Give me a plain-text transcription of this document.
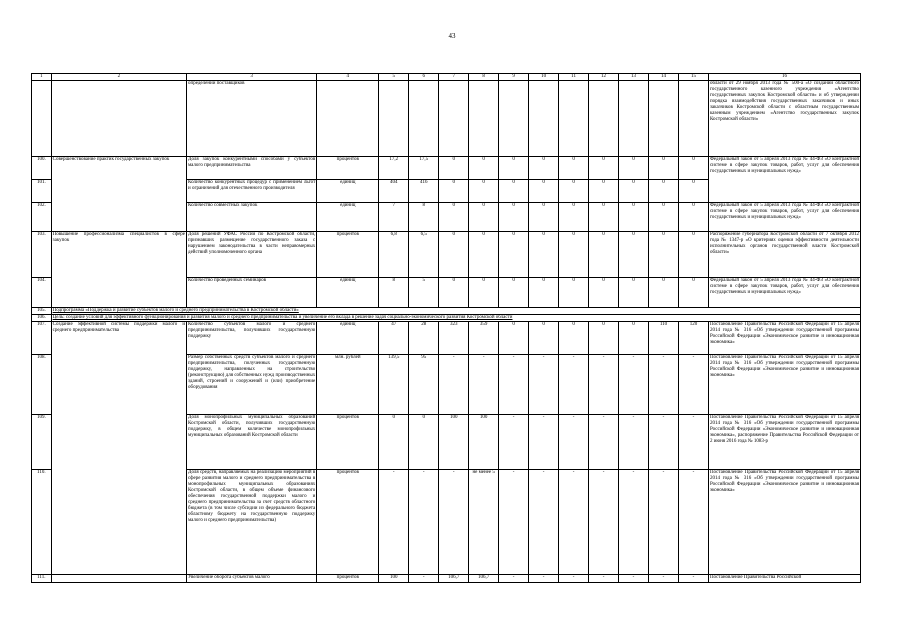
43
1	2	3	4	5	6	7	8	9	10	11	12	13	14	15	16
		определении поставщиков													области от 29 ноября 2013 года № 500-а «О создании областного государственного казенного учреждения «Агентство государственных закупок Костромской области» и об утверждении порядка взаимодействия государственных заказчиков и иных заказчиков Костромской области с областным государственным казенным учреждением «Агентство государственных закупок Костромской области»
100.	Совершенствование практик государственных закупок	Доля закупок конкурентными способами у субъектов малого предпринимательства	процентов	17,2	17,5	0	0	0	0	0	0	0	0	0	Федеральный закон от 5 апреля 2013 года № 44-ФЗ «О контрактной системе в сфере закупок товаров, работ, услуг для обеспечения государственных и муниципальных нужд»
101.		Количество конкурентных процедур с применением льгот и ограничений для отечественного производителя	единиц	404	416	0	0	0	0	0	0	0	0	0	
102.		Количество совместных закупок	единиц	7	8	0	0	0	0	0	0	0	0	0	Федеральный закон от 5 апреля 2013 года № 44-ФЗ «О контрактной системе в сфере закупок товаров, работ, услуг для обеспечения государственных и муниципальных нужд»
103.	Повышение профессионализма специалистов в сфере закупок	Доля решений УФАС России по Костромской области, признавших размещение государственного заказа с нарушением законодательства в части неправомерных действий уполномоченного органа	процентов	6,8	6,5	0	0	0	0	0	0	0	0	0	Распоряжение губернатора Костромской области от 7 октября 2012 года № 1347-р «О критериях оценки эффективности деятельности исполнительных органов государственной власти Костромской области»
104.		Количество проведенных семинаров	единиц	8	5	0	0	0	0	0	0	0	0	0	Федеральный закон от 5 апреля 2013 года № 44-ФЗ «О контрактной системе в сфере закупок товаров, работ, услуг для обеспечения государственных и муниципальных нужд»
105.	Подпрограмма «Поддержка и развитие субъектов малого и среднего предпринимательства в Костромской области»														
106.	Цель: создание условий для эффективного функционирования и развития малого и среднего предпринимательства и увеличение его вклада в решение задач социально-экономического развития Костромской области														
107.	Создание эффективной системы поддержки малого и среднего предпринимательства	Количество субъектов малого и среднего предпринимательства, получивших государственную поддержку	единиц	47	28	323	359	0	0	0	0	0	110	120	Постановление Правительства Российской Федерации от 15 апреля 2014 года № 316 «Об утверждении государственной программы Российской Федерации «Экономическое развитие и инновационная экономика»
108.		Размер собственных средств субъектов малого и среднего предпринимательства, полученных государственную поддержку, направленных на строительство (реконструкцию) для собственных нужд производственных зданий, строений и сооружений и (или) приобретение оборудования	млн. рублей	139,5	95	-	-	-	-	-	-	-	-	-	Постановление Правительства Российской Федерации от 15 апреля 2014 года № 316 «Об утверждении государственной программы Российской Федерации «Экономическое развитие и инновационная экономика»
109.		Доля монопрофильных муниципальных образований Костромской области, получивших государственную поддержку, в общем количестве монопрофильных муниципальных образований Костромской области	процентов	0	0	100	100	-	-	-	-	-	-	-	Постановление Правительства Российской Федерации от 15 апреля 2014 года № 316 «Об утверждении государственной программы Российской Федерации «Экономическое развитие и инновационная экономика», распоряжение Правительства Российской Федерации от 2 июня 2016 года № 1083-р
110.		Доля средств, направляемых на реализацию мероприятий в сфере развития малого и среднего предпринимательства в монопрофильных муниципальных образованиях Костромской области, в общем объеме финансового обеспечения государственной поддержки малого и среднего предпринимательства за счет средств областного бюджета (в том числе субсидии из федерального бюджета областному бюджету на государственную поддержку малого и среднего предпринимательства)	процентов	-	-	-	не менее 5	-	-	-	-	-	-	-	Постановление Правительства Российской Федерации от 15 апреля 2014 года № 316 «Об утверждении государственной программы Российской Федерации «Экономическое развитие и инновационная экономика»
111.		Увеличение оборота субъектов малого	процентов	100	-	106,7	106,7	-	-	-	-	-	-	-	Постановление Правительства Российской
